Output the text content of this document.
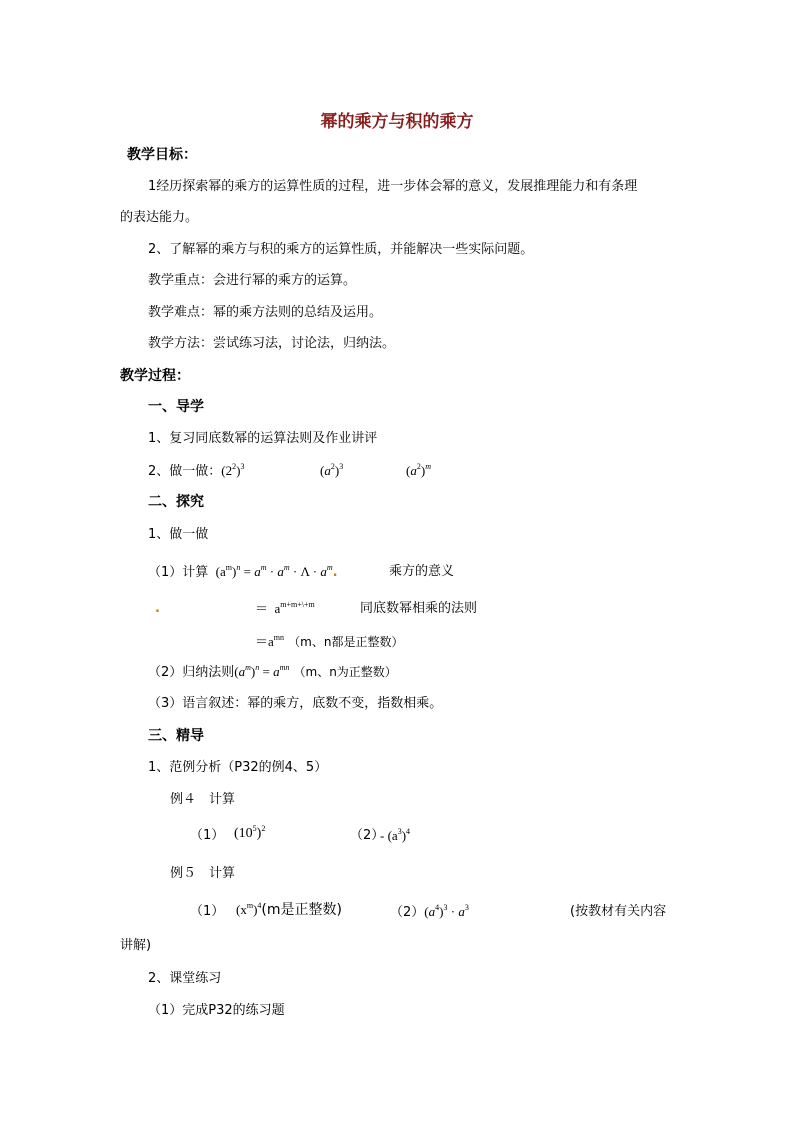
幂的乘方与积的乘方
教学目标：
1经历探索幂的乘方的运算性质的过程，进一步体会幂的意义，发展推理能力和有条理
的表达能力。
2、了解幂的乘方与积的乘方的运算性质，并能解决一些实际问题。
教学重点：会进行幂的乘方的运算。
教学难点：幂的乘方法则的总结及运用。
教学方法：尝试练习法，讨论法，归纳法。
教学过程：
一、导学
1、复习同底数幂的运算法则及作业讲评
2、做一做：$(2^2)^3$	$(a^2)^3$	$(a^2)^m$
二、探究
1、做一做
（1）计算  $(a^m)^n = a^m \cdot a^m \cdot \Lambda \cdot a^m$.	乘方的意义
.	＝  $a^{m+m+\backslash+m}$	同底数幂相乘的法则
$=a^{mn}$ （m、n都是正整数）
（2）归纳法则$(a^m)^n = a^{mn}$ （m、n为正整数）
（3）语言叙述：幂的乘方，底数不变，指数相乘。
三、精导
1、范例分析（P32的例4、5）
例４　计算
（1） $(10^5)^2$	（2）
- $(a^3)^4$
例５　计算
（1） $(x^m)^4(m$是正整数)	$(2)(a^4)^3 \cdot a^3$	(按教材有关内容
讲解)
2、课堂练习
（1）完成P32的练习题
